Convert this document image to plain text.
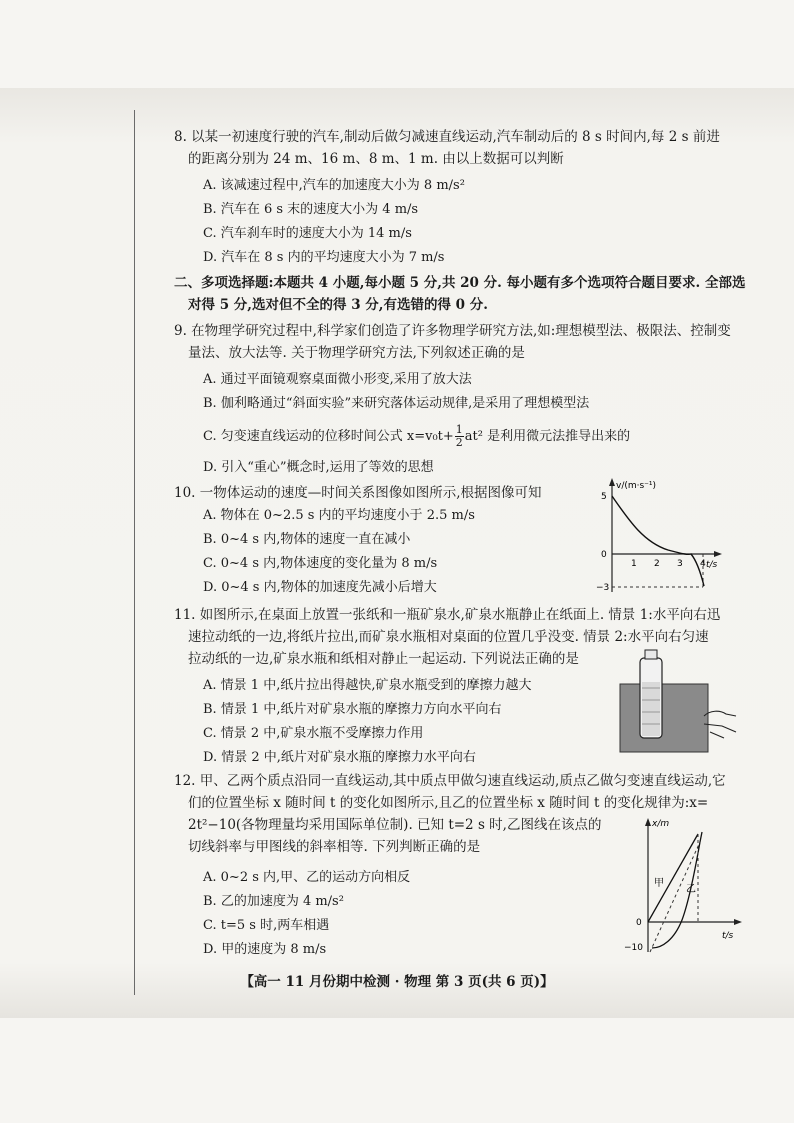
8. 以某一初速度行驶的汽车,制动后做匀减速直线运动,汽车制动后的 8 s 时间内,每 2 s 前进
的距离分别为 24 m、16 m、8 m、1 m. 由以上数据可以判断
A. 该减速过程中,汽车的加速度大小为 8 m/s²
B. 汽车在 6 s 末的速度大小为 4 m/s
C. 汽车刹车时的速度大小为 14 m/s
D. 汽车在 8 s 内的平均速度大小为 7 m/s
二、多项选择题:本题共 4 小题,每小题 5 分,共 20 分. 每小题有多个选项符合题目要求. 全部选
对得 5 分,选对但不全的得 3 分,有选错的得 0 分.
9. 在物理学研究过程中,科学家们创造了许多物理学研究方法,如:理想模型法、极限法、控制变
量法、放大法等. 关于物理学研究方法,下列叙述正确的是
A. 通过平面镜观察桌面微小形变,采用了放大法
B. 伽利略通过“斜面实验”来研究落体运动规律,是采用了理想模型法
C. 匀变速直线运动的位移时间公式 $x=v_0t+ \frac{1}{2} at^2$ 是利用微元法推导出来的
D. 引入“重心”概念时,运用了等效的思想
10. 一物体运动的速度—时间关系图像如图所示,根据图像可知
A. 物体在 0~2.5 s 内的平均速度小于 2.5 m/s
B. 0~4 s 内,物体的速度一直在减小
C. 0~4 s 内,物体速度的变化量为 8 m/s
D. 0~4 s 内,物体的加速度先减小后增大
v/(m·s⁻¹)
t/s
5
0
−3
1 2 3 4
11. 如图所示,在桌面上放置一张纸和一瓶矿泉水,矿泉水瓶静止在纸面上. 情景 1:水平向右迅
速拉动纸的一边,将纸片拉出,而矿泉水瓶相对桌面的位置几乎没变. 情景 2:水平向右匀速
拉动纸的一边,矿泉水瓶和纸相对静止一起运动. 下列说法正确的是
A. 情景 1 中,纸片拉出得越快,矿泉水瓶受到的摩擦力越大
B. 情景 1 中,纸片对矿泉水瓶的摩擦力方向水平向右
C. 情景 2 中,矿泉水瓶不受摩擦力作用
D. 情景 2 中,纸片对矿泉水瓶的摩擦力水平向右
12. 甲、乙两个质点沿同一直线运动,其中质点甲做匀速直线运动,质点乙做匀变速直线运动,它
们的位置坐标 x 随时间 t 的变化如图所示,且乙的位置坐标 x 随时间 t 的变化规律为:x=
2t²−10(各物理量均采用国际单位制). 已知 t=2 s 时,乙图线在该点的
切线斜率与甲图线的斜率相等. 下列判断正确的是
A. 0~2 s 内,甲、乙的运动方向相反
B. 乙的加速度为 4 m/s²
C. t=5 s 时,两车相遇
D. 甲的速度为 8 m/s
x/m
t/s
0
−10
甲
乙
【高一 11 月份期中检测 · 物理 第 3 页(共 6 页)】
